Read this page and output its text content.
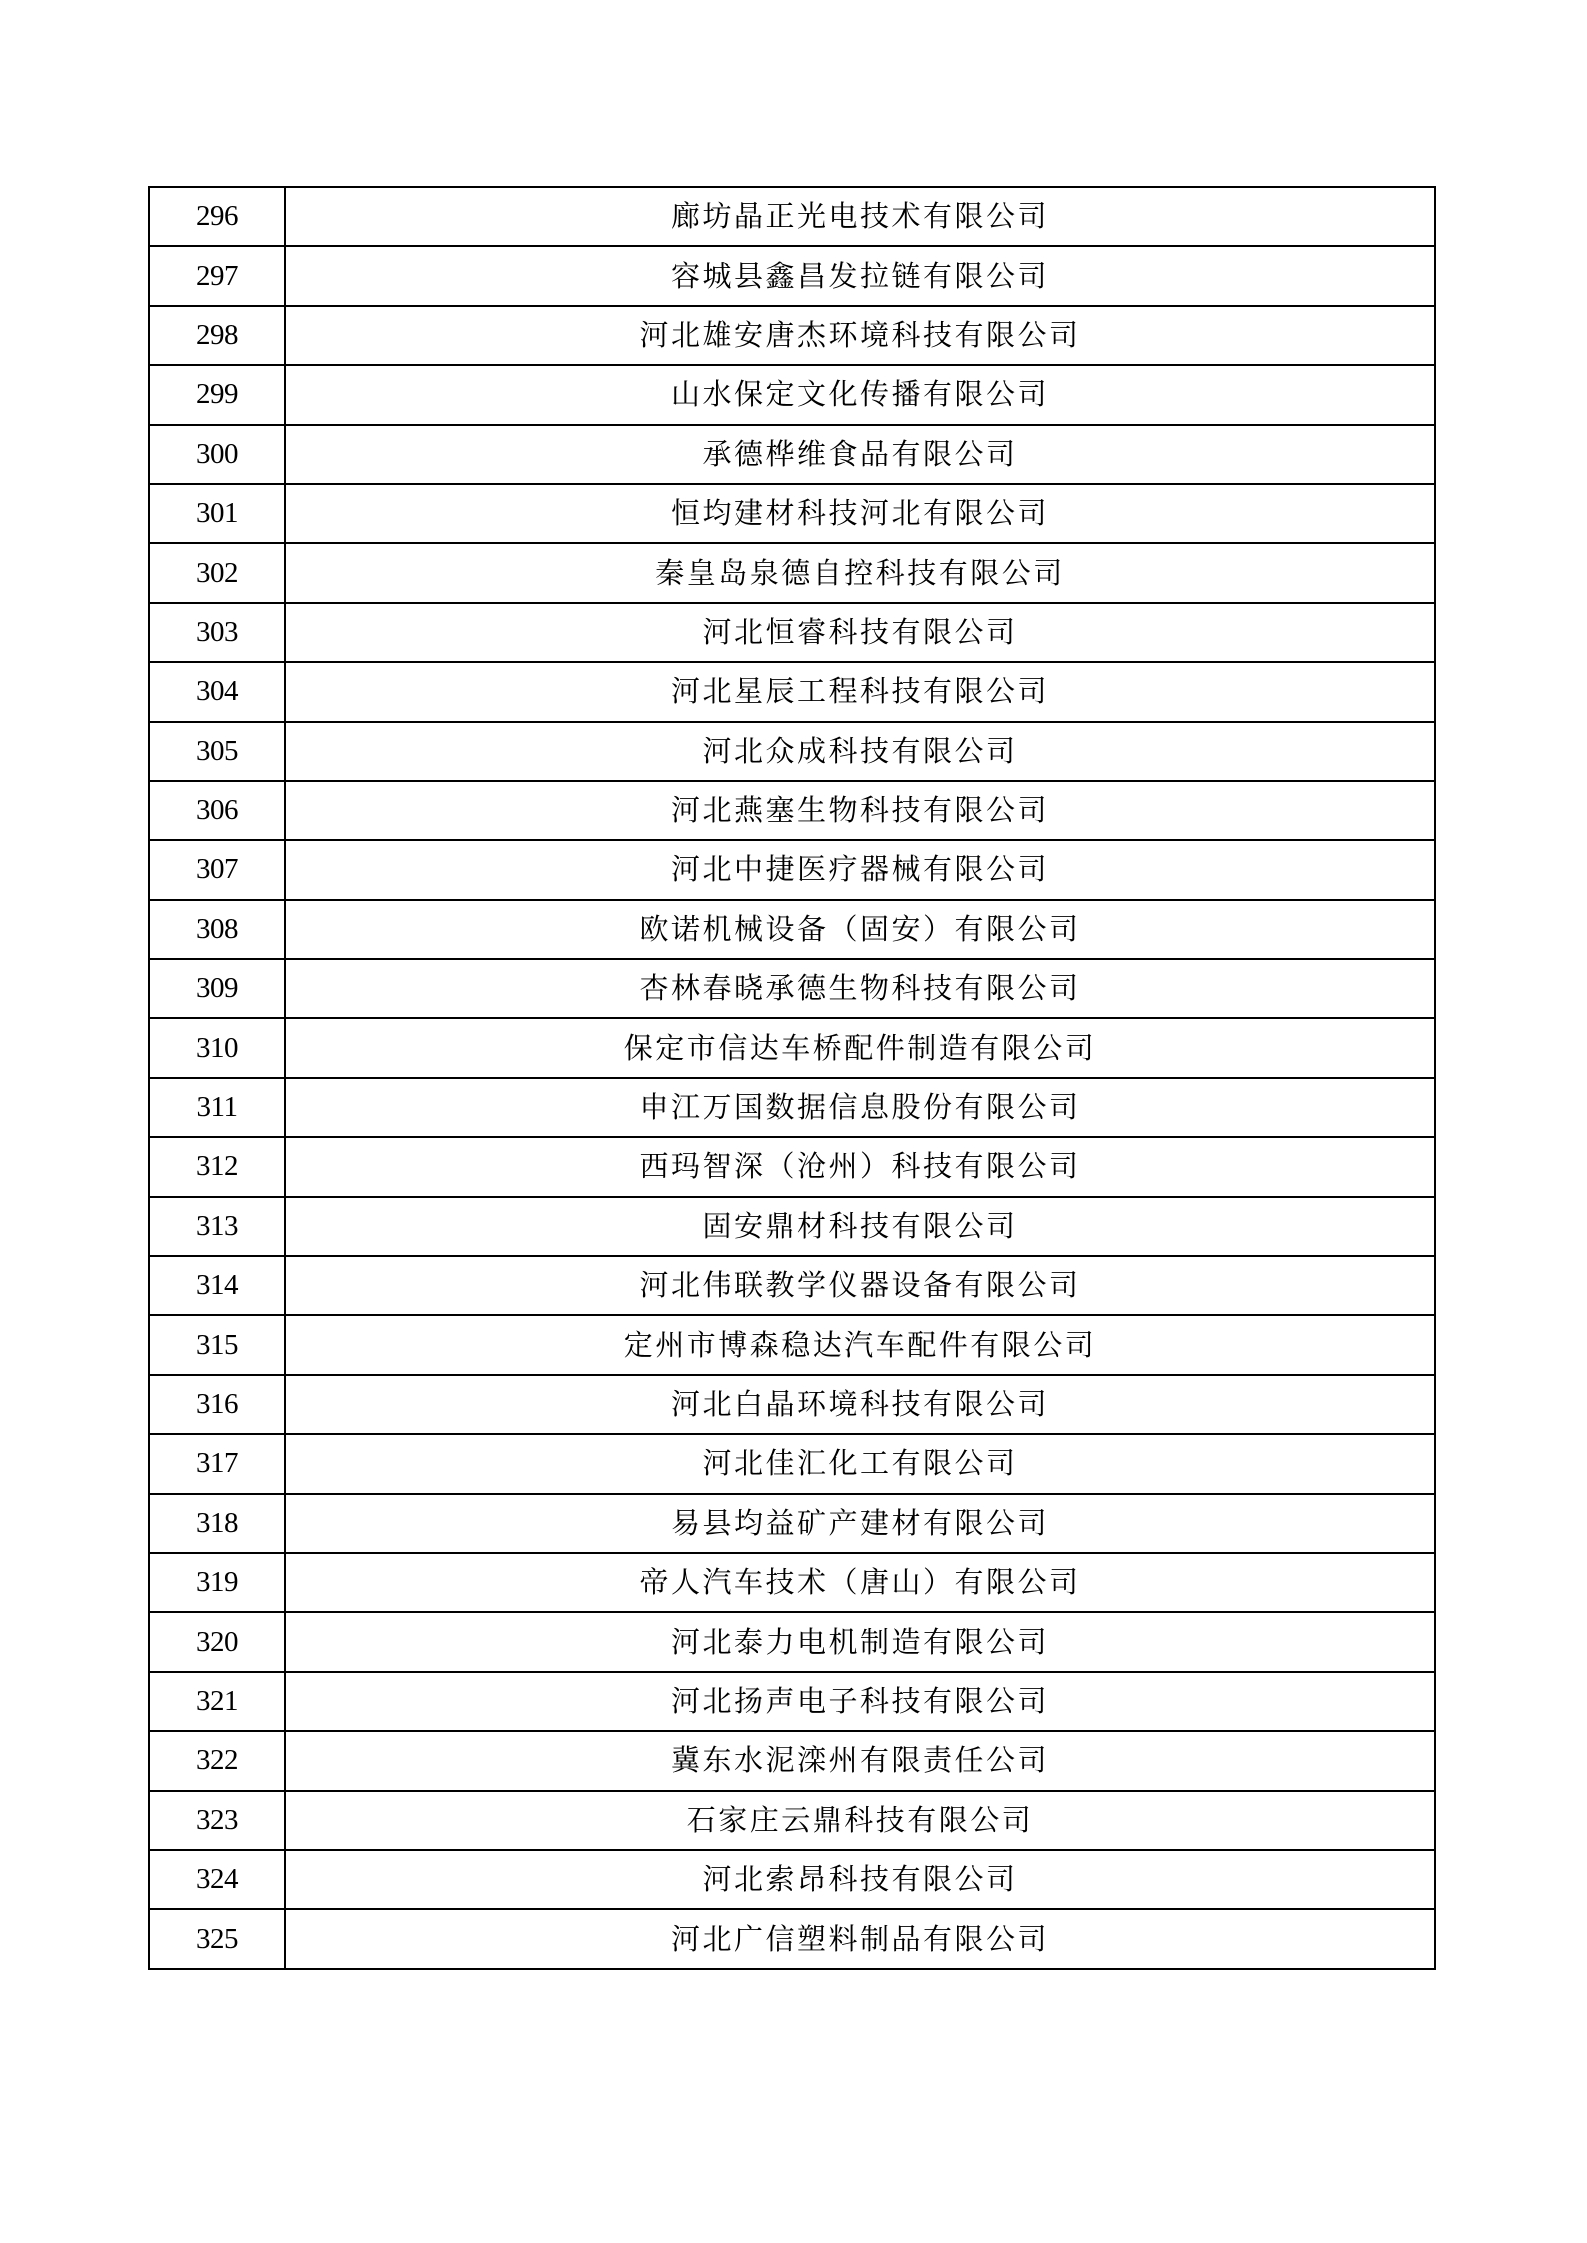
296	廊坊晶正光电技术有限公司
297	容城县鑫昌发拉链有限公司
298	河北雄安唐杰环境科技有限公司
299	山水保定文化传播有限公司
300	承德桦维食品有限公司
301	恒均建材科技河北有限公司
302	秦皇岛泉德自控科技有限公司
303	河北恒睿科技有限公司
304	河北星辰工程科技有限公司
305	河北众成科技有限公司
306	河北燕塞生物科技有限公司
307	河北中捷医疗器械有限公司
308	欧诺机械设备（固安）有限公司
309	杏林春晓承德生物科技有限公司
310	保定市信达车桥配件制造有限公司
311	申江万国数据信息股份有限公司
312	西玛智深（沧州）科技有限公司
313	固安鼎材科技有限公司
314	河北伟联教学仪器设备有限公司
315	定州市博森稳达汽车配件有限公司
316	河北白晶环境科技有限公司
317	河北佳汇化工有限公司
318	易县均益矿产建材有限公司
319	帝人汽车技术（唐山）有限公司
320	河北泰力电机制造有限公司
321	河北扬声电子科技有限公司
322	冀东水泥滦州有限责任公司
323	石家庄云鼎科技有限公司
324	河北索昂科技有限公司
325	河北广信塑料制品有限公司
